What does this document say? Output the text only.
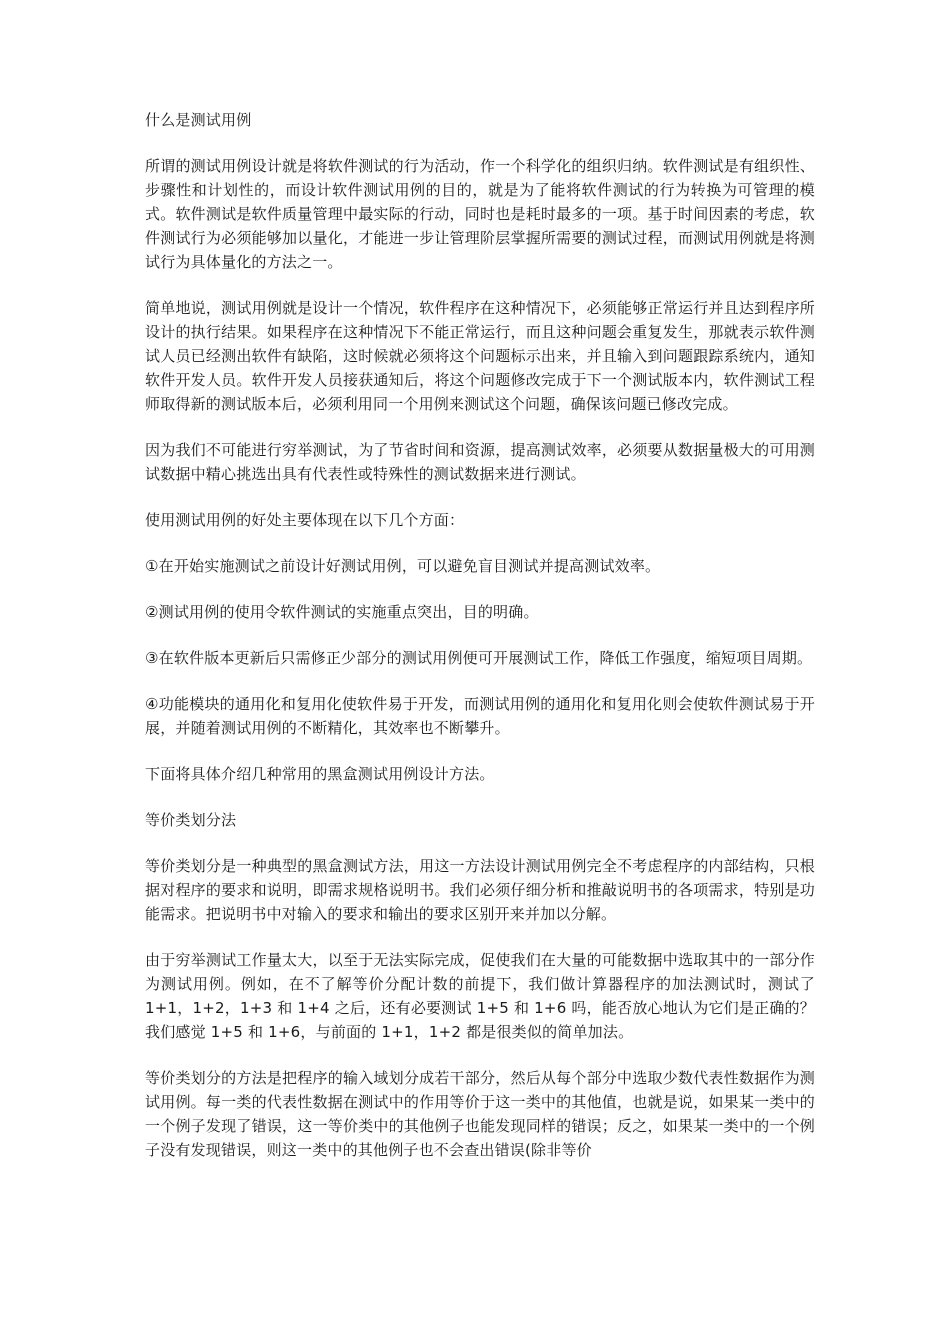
什么是测试用例

所谓的测试用例设计就是将软件测试的行为活动，作一个科学化的组织归纳。软件测试是有组织性、步骤性和计划性的，而设计软件测试用例的目的，就是为了能将软件测试的行为转换为可管理的模式。软件测试是软件质量管理中最实际的行动，同时也是耗时最多的一项。基于时间因素的考虑，软件测试行为必须能够加以量化，才能进一步让管理阶层掌握所需要的测试过程，而测试用例就是将测试行为具体量化的方法之一。

简单地说，测试用例就是设计一个情况，软件程序在这种情况下，必须能够正常运行并且达到程序所设计的执行结果。如果程序在这种情况下不能正常运行，而且这种问题会重复发生，那就表示软件测试人员已经测出软件有缺陷，这时候就必须将这个问题标示出来，并且输入到问题跟踪系统内，通知软件开发人员。软件开发人员接获通知后，将这个问题修改完成于下一个测试版本内，软件测试工程师取得新的测试版本后，必须利用同一个用例来测试这个问题，确保该问题已修改完成。

因为我们不可能进行穷举测试，为了节省时间和资源，提高测试效率，必须要从数据量极大的可用测试数据中精心挑选出具有代表性或特殊性的测试数据来进行测试。

使用测试用例的好处主要体现在以下几个方面：

①在开始实施测试之前设计好测试用例，可以避免盲目测试并提高测试效率。

②测试用例的使用令软件测试的实施重点突出，目的明确。

③在软件版本更新后只需修正少部分的测试用例便可开展测试工作，降低工作强度，缩短项目周期。

④功能模块的通用化和复用化使软件易于开发，而测试用例的通用化和复用化则会使软件测试易于开展，并随着测试用例的不断精化，其效率也不断攀升。

下面将具体介绍几种常用的黑盒测试用例设计方法。

等价类划分法

等价类划分是一种典型的黑盒测试方法，用这一方法设计测试用例完全不考虑程序的内部结构，只根据对程序的要求和说明，即需求规格说明书。我们必须仔细分析和推敲说明书的各项需求，特别是功能需求。把说明书中对输入的要求和输出的要求区别开来并加以分解。

由于穷举测试工作量太大，以至于无法实际完成，促使我们在大量的可能数据中选取其中的一部分作为测试用例。例如，在不了解等价分配计数的前提下，我们做计算器程序的加法测试时，测试了 1+1，1+2，1+3 和 1+4 之后，还有必要测试 1+5 和 1+6 吗，能否放心地认为它们是正确的？我们感觉 1+5 和 1+6，与前面的 1+1，1+2 都是很类似的简单加法。

等价类划分的方法是把程序的输入域划分成若干部分，然后从每个部分中选取少数代表性数据作为测试用例。每一类的代表性数据在测试中的作用等价于这一类中的其他值，也就是说，如果某一类中的一个例子发现了错误，这一等价类中的其他例子也能发现同样的错误；反之，如果某一类中的一个例子没有发现错误，则这一类中的其他例子也不会查出错误(除非等价
